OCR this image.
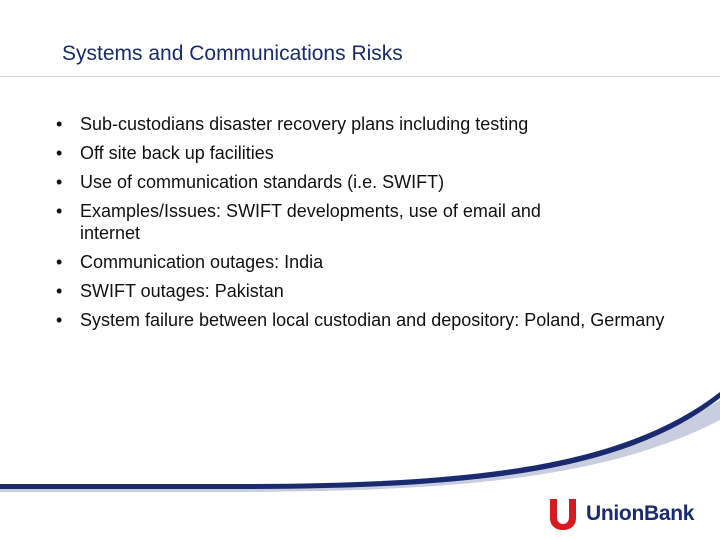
Systems and Communications Risks
• Sub-custodians disaster recovery plans including testing
• Off site back up facilities
• Use of communication standards (i.e. SWIFT)
• Examples/Issues: SWIFT developments, use of email and internet
• Communication outages: India
• SWIFT outages: Pakistan
• System failure between local custodian and depository: Poland, Germany
UnionBank
